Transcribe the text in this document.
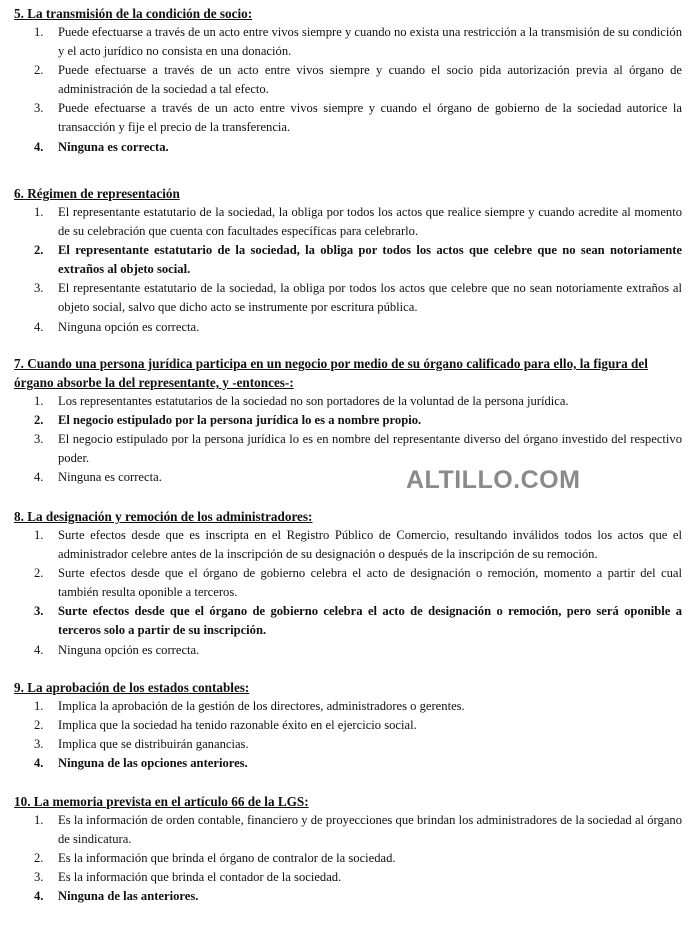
ALTILLO.COM

5. La transmisión de la condición de socio:

1. Puede efectuarse a través de un acto entre vivos siempre y cuando no exista una restricción a la transmisión de su condición y el acto jurídico no consista en una donación.
2. Puede efectuarse a través de un acto entre vivos siempre y cuando el socio pida autorización previa al órgano de administración de la sociedad a tal efecto.
3. Puede efectuarse a través de un acto entre vivos siempre y cuando el órgano de gobierno de la sociedad autorice la transacción y fije el precio de la transferencia.
4. Ninguna es correcta.

6. Régimen de representación

1. El representante estatutario de la sociedad, la obliga por todos los actos que realice siempre y cuando acredite al momento de su celebración que cuenta con facultades específicas para celebrarlo.
2. El representante estatutario de la sociedad, la obliga por todos los actos que celebre que no sean notoriamente extraños al objeto social.
3. El representante estatutario de la sociedad, la obliga por todos los actos que celebre que no sean notoriamente extraños al objeto social, salvo que dicho acto se instrumente por escritura pública.
4. Ninguna opción es correcta.

7. Cuando una persona jurídica participa en un negocio por medio de su órgano calificado para ello, la figura del órgano absorbe la del representante, y -entonces-:

1. Los representantes estatutarios de la sociedad no son portadores de la voluntad de la persona jurídica.
2. El negocio estipulado por la persona jurídica lo es a nombre propio.
3. El negocio estipulado por la persona jurídica lo es en nombre del representante diverso del órgano investido del respectivo poder.
4. Ninguna es correcta.

8. La designación y remoción de los administradores:

1. Surte efectos desde que es inscripta en el Registro Público de Comercio, resultando inválidos todos los actos que el administrador celebre antes de la inscripción de su designación o después de la inscripción de su remoción.
2. Surte efectos desde que el órgano de gobierno celebra el acto de designación o remoción, momento a partir del cual también resulta oponible a terceros.
3. Surte efectos desde que el órgano de gobierno celebra el acto de designación o remoción, pero será oponible a terceros solo a partir de su inscripción.
4. Ninguna opción es correcta.

9. La aprobación de los estados contables:

1. Implica la aprobación de la gestión de los directores, administradores o gerentes.
2. Implica que la sociedad ha tenido razonable éxito en el ejercicio social.
3. Implica que se distribuirán ganancias.
4. Ninguna de las opciones anteriores.

10. La memoria prevista en el artículo 66 de la LGS:

1. Es la información de orden contable, financiero y de proyecciones que brindan los administradores de la sociedad al órgano de sindicatura.
2. Es la información que brinda el órgano de contralor de la sociedad.
3. Es la información que brinda el contador de la sociedad.
4. Ninguna de las anteriores.
